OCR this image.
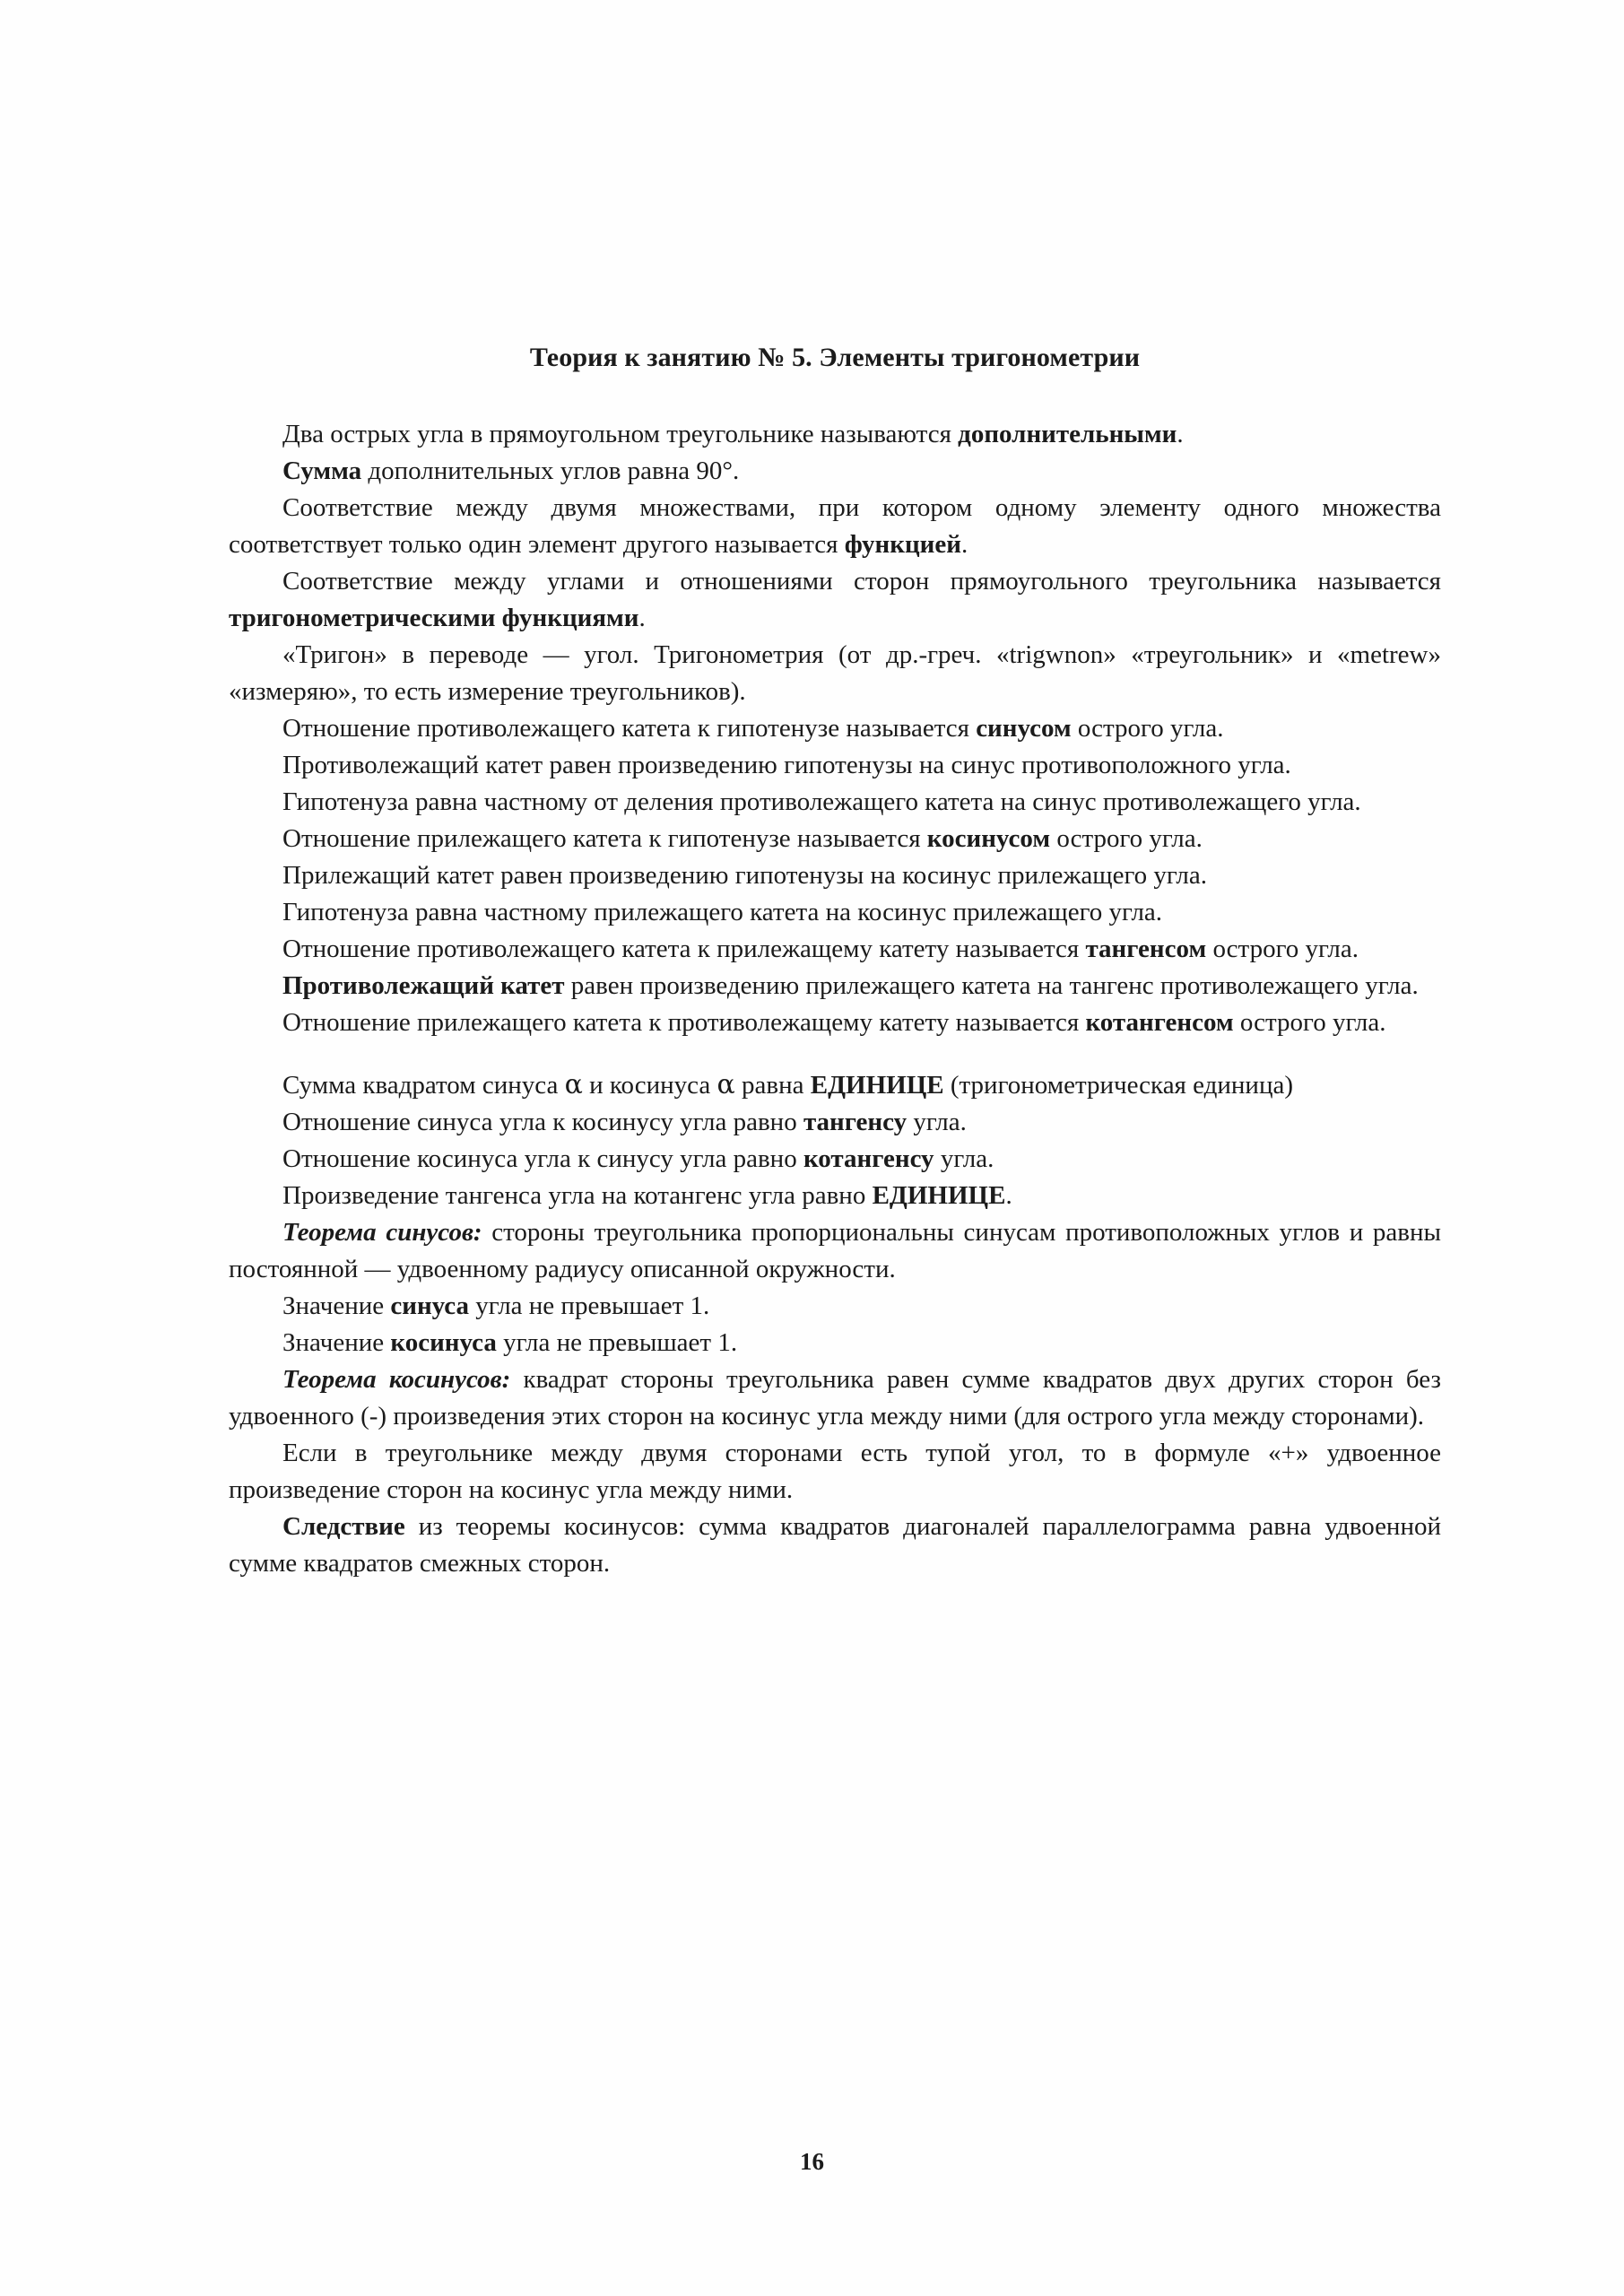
Теория к занятию № 5. Элементы тригонометрии

Два острых угла в прямоугольном треугольнике называются дополнительными.

Сумма дополнительных углов равна 90°.

Соответствие между двумя множествами, при котором одному элементу одного множества соответствует только один элемент другого называется функцией.

Соответствие между углами и отношениями сторон прямоугольного треугольника называется тригонометрическими функциями.

«Тригон» в переводе — угол. Тригонометрия (от др.-греч. «trigwnon» «треугольник» и «metrew» «измеряю», то есть измерение треугольников).

Отношение противолежащего катета к гипотенузе называется синусом острого угла.

Противолежащий катет равен произведению гипотенузы на синус противоположного угла.

Гипотенуза равна частному от деления противолежащего катета на синус противолежащего угла.

Отношение прилежащего катета к гипотенузе называется косинусом острого угла.

Прилежащий катет равен произведению гипотенузы на косинус прилежащего угла.

Гипотенуза равна частному прилежащего катета на косинус прилежащего угла.

Отношение противолежащего катета к прилежащему катету называется тангенсом острого угла.

Противолежащий катет равен произведению прилежащего катета на тангенс противолежащего угла.

Отношение прилежащего катета к противолежащему катету называется котангенсом острого угла.

Сумма квадратом синуса α и косинуса α равна ЕДИНИЦЕ (тригонометрическая единица)

Отношение синуса угла к косинусу угла равно тангенсу угла.

Отношение косинуса угла к синусу угла равно котангенсу угла.

Произведение тангенса угла на котангенс угла равно ЕДИНИЦЕ.

Теорема синусов: стороны треугольника пропорциональны синусам противоположных углов и равны постоянной — удвоенному радиусу описанной окружности.

Значение синуса угла не превышает 1.

Значение косинуса угла не превышает 1.

Теорема косинусов: квадрат стороны треугольника равен сумме квадратов двух других сторон без удвоенного (-) произведения этих сторон на косинус угла между ними (для острого угла между сторонами).

Если в треугольнике между двумя сторонами есть тупой угол, то в формуле «+» удвоенное произведение сторон на косинус угла между ними.

Следствие из теоремы косинусов: сумма квадратов диагоналей параллелограмма равна удвоенной сумме квадратов смежных сторон.

16
